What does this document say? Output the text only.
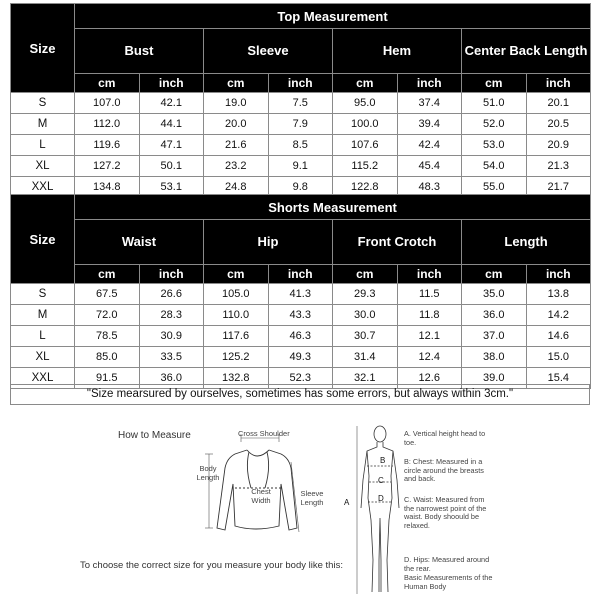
Size	Top Measurement							
	Bust		Sleeve		Hem		Center Back Length	
	cm	inch	cm	inch	cm	inch	cm	inch
S	107.0	42.1	19.0	7.5	95.0	37.4	51.0	20.1
M	112.0	44.1	20.0	7.9	100.0	39.4	52.0	20.5
L	119.6	47.1	21.6	8.5	107.6	42.4	53.0	20.9
XL	127.2	50.1	23.2	9.1	115.2	45.4	54.0	21.3
XXL	134.8	53.1	24.8	9.8	122.8	48.3	55.0	21.7
Size	Shorts Measurement							
	Waist		Hip		Front Crotch		Length	
	cm	inch	cm	inch	cm	inch	cm	inch
S	67.5	26.6	105.0	41.3	29.3	11.5	35.0	13.8
M	72.0	28.3	110.0	43.3	30.0	11.8	36.0	14.2
L	78.5	30.9	117.6	46.3	30.7	12.1	37.0	14.6
XL	85.0	33.5	125.2	49.3	31.4	12.4	38.0	15.0
XXL	91.5	36.0	132.8	52.3	32.1	12.6	39.0	15.4
"Size mearsured by ourselves, sometimes has some errors, but always within 3cm."
How to Measure	Cross Shoulder
Body Length
Chest Width
Sleeve Length
To choose the correct size for you measure your body like this:
A
B
C
D
A. Vertical height head to toe.
B: Chest: Measured in a circle around the breasts and back.
C. Waist: Measured from the narrowest point of the waist. Body shoould be relaxed.
D. Hips: Measured around the rear.
Basic Measurements of the Human Body
